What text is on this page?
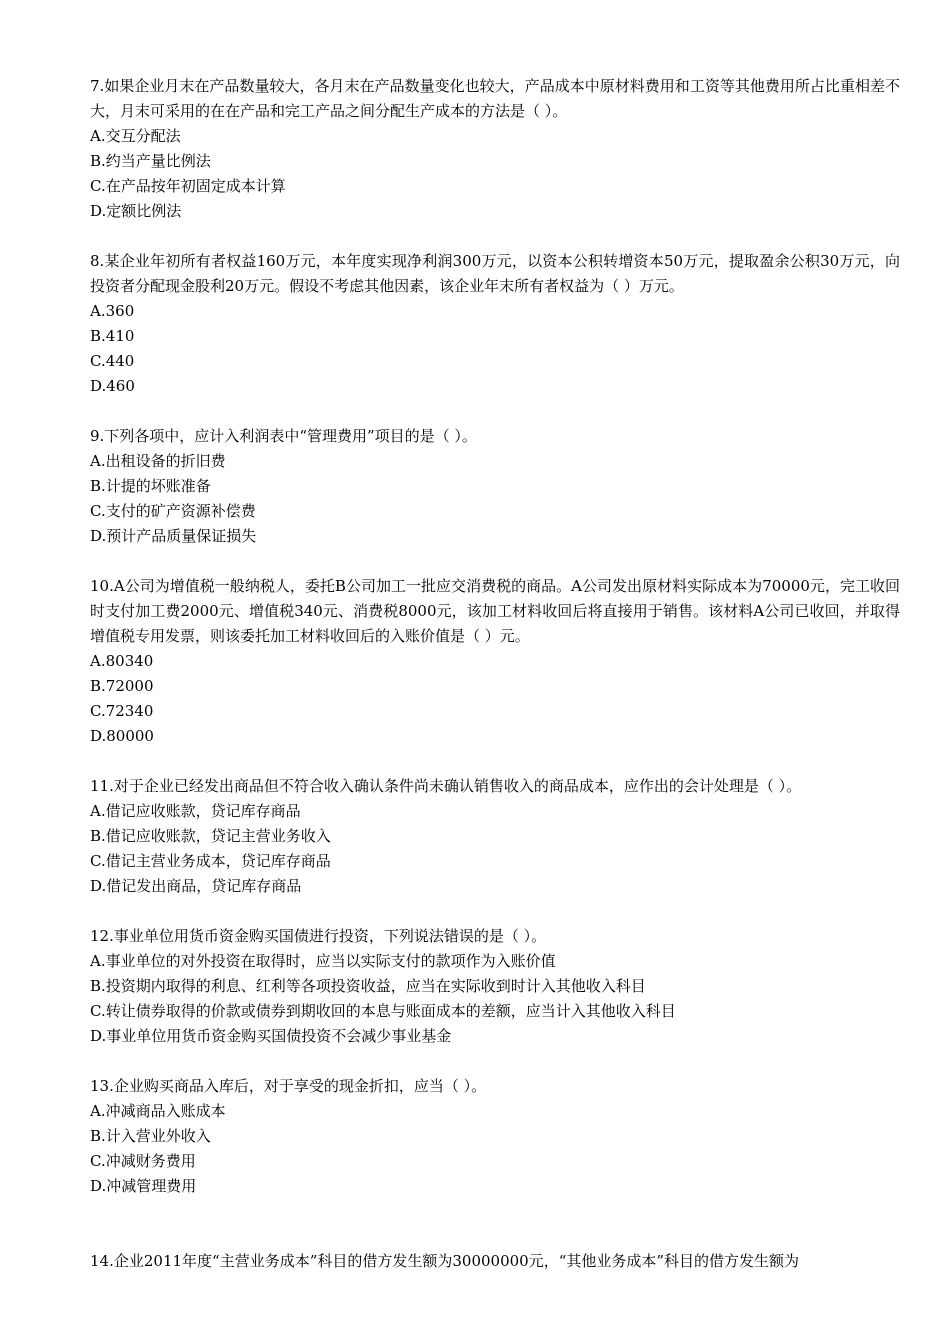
7.如果企业月末在产品数量较大，各月末在产品数量变化也较大，产品成本中原材料费用和工资等其他费用所占比重相差不大，月末可采用的在在产品和完工产品之间分配生产成本的方法是（ ）。

A.交互分配法

B.约当产量比例法

C.在产品按年初固定成本计算

D.定额比例法

8.某企业年初所有者权益160万元，本年度实现净利润300万元，以资本公积转增资本50万元，提取盈余公积30万元，向投资者分配现金股利20万元。假设不考虑其他因素，该企业年末所有者权益为（ ）万元。

A.360

B.410

C.440

D.460

9.下列各项中，应计入利润表中“管理费用”项目的是（ ）。

A.出租设备的折旧费

B.计提的坏账准备

C.支付的矿产资源补偿费

D.预计产品质量保证损失

10.A公司为增值税一般纳税人，委托B公司加工一批应交消费税的商品。A公司发出原材料实际成本为70000元，完工收回时支付加工费2000元、增值税340元、消费税8000元，该加工材料收回后将直接用于销售。该材料A公司已收回，并取得增值税专用发票，则该委托加工材料收回后的入账价值是（ ）元。

A.80340

B.72000

C.72340

D.80000

11.对于企业已经发出商品但不符合收入确认条件尚未确认销售收入的商品成本，应作出的会计处理是（ ）。

A.借记应收账款，贷记库存商品

B.借记应收账款，贷记主营业务收入

C.借记主营业务成本，贷记库存商品

D.借记发出商品，贷记库存商品

12.事业单位用货币资金购买国债进行投资，下列说法错误的是（ ）。

A.事业单位的对外投资在取得时，应当以实际支付的款项作为入账价值

B.投资期内取得的利息、红利等各项投资收益，应当在实际收到时计入其他收入科目

C.转让债券取得的价款或债券到期收回的本息与账面成本的差额，应当计入其他收入科目

D.事业单位用货币资金购买国债投资不会减少事业基金

13.企业购买商品入库后，对于享受的现金折扣，应当（ ）。

A.冲减商品入账成本

B.计入营业外收入

C.冲减财务费用

D.冲减管理费用

14.企业2011年度“主营业务成本”科目的借方发生额为30000000元，“其他业务成本”科目的借方发生额为
